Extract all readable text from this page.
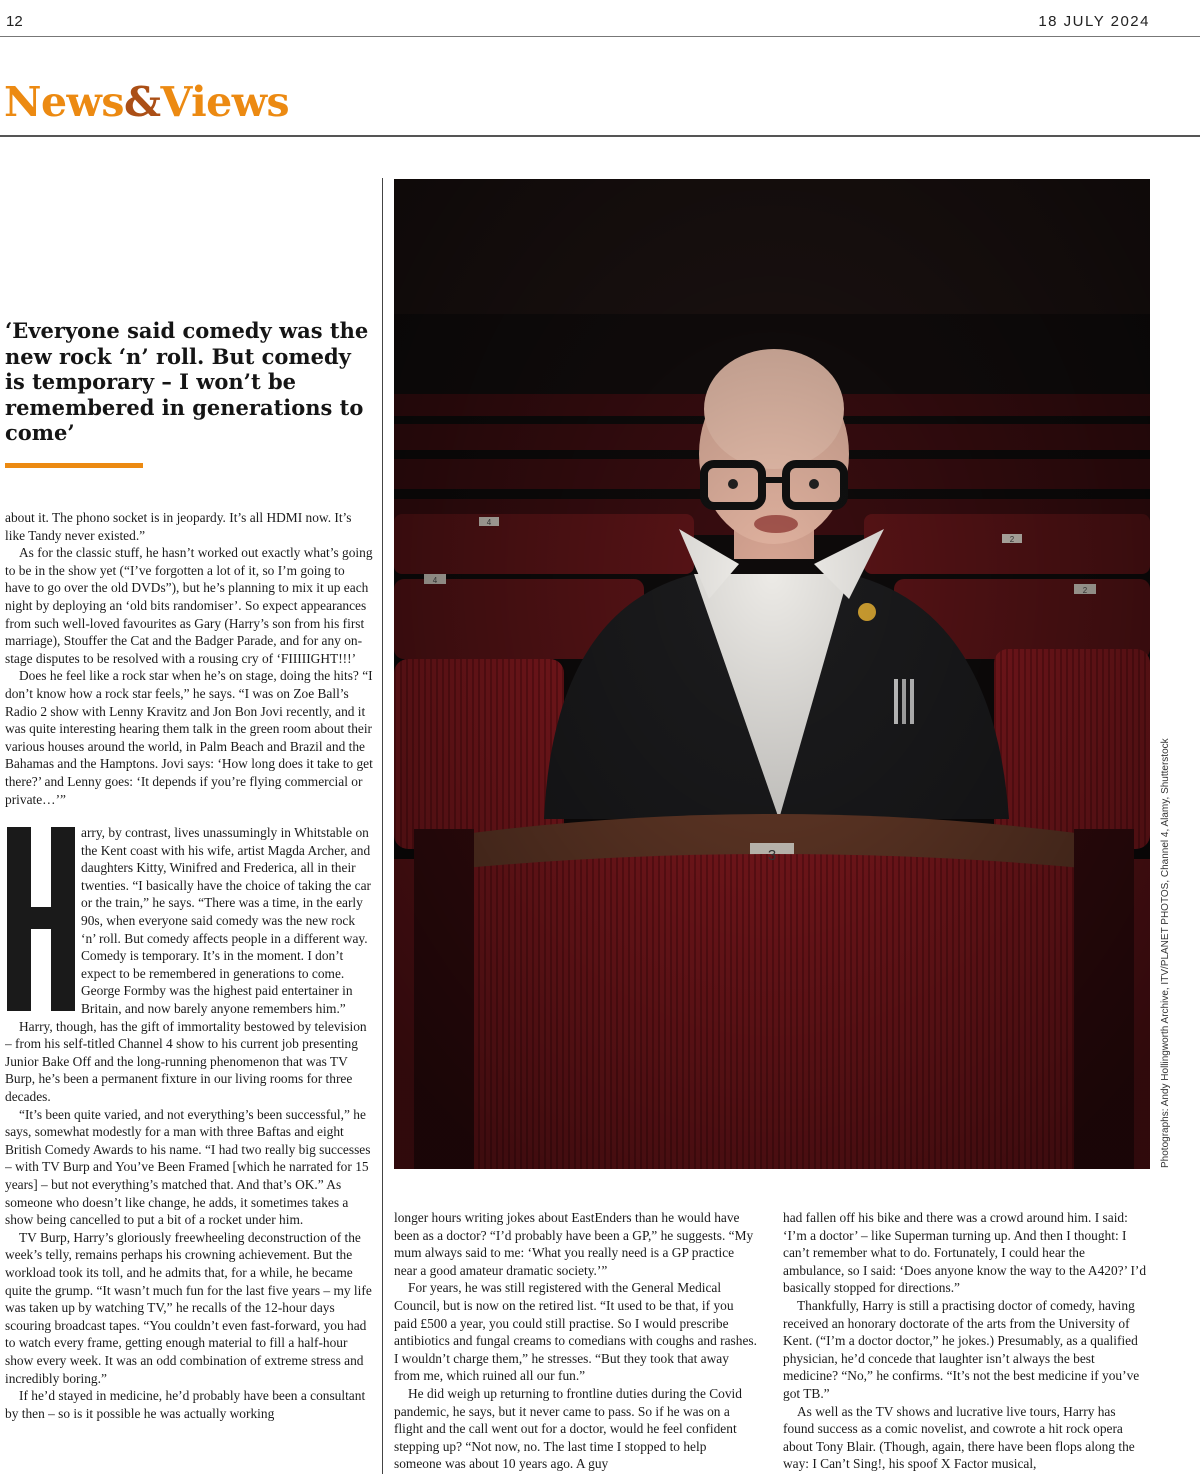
12	18 JULY 2024
News&Views

‘Everyone said comedy was the new rock ‘n’ roll. But comedy is temporary – I won’t be remembered in generations to come’

about it. The phono socket is in jeopardy. It’s all HDMI now. It’s like Tandy never existed.”

As for the classic stuff, he hasn’t worked out exactly what’s going to be in the show yet (“I’ve forgotten a lot of it, so I’m going to have to go over the old DVDs”), but he’s planning to mix it up each night by deploying an ‘old bits randomiser’. So expect appearances from such well-loved favourites as Gary (Harry’s son from his first marriage), Stouffer the Cat and the Badger Parade, and for any on-stage disputes to be resolved with a rousing cry of ‘FIIIIIGHT!!!’

Does he feel like a rock star when he’s on stage, doing the hits? “I don’t know how a rock star feels,” he says. “I was on Zoe Ball’s Radio 2 show with Lenny Kravitz and Jon Bon Jovi recently, and it was quite interesting hearing them talk in the green room about their various houses around the world, in Palm Beach and Brazil and the Bahamas and the Hamptons. Jovi says: ‘How long does it take to get there?’ and Lenny goes: ‘It depends if you’re flying commercial or private…’”

arry, by contrast, lives unassumingly in Whitstable on the Kent coast with his wife, artist Magda Archer, and daughters Kitty, Winifred and Frederica, all in their twenties. “I basically have the choice of taking the car or the train,” he says. “There was a time, in the early 90s, when everyone said comedy was the new rock ‘n’ roll. But comedy affects people in a different way. Comedy is temporary. It’s in the moment. I don’t expect to be remembered in generations to come. George Formby was the highest paid entertainer in Britain, and now barely anyone remembers him.”

Harry, though, has the gift of immortality bestowed by television – from his self-titled Channel 4 show to his current job presenting Junior Bake Off and the long-running phenomenon that was TV Burp, he’s been a permanent fixture in our living rooms for three decades.

“It’s been quite varied, and not everything’s been successful,” he says, somewhat modestly for a man with three Baftas and eight British Comedy Awards to his name. “I had two really big successes – with TV Burp and You’ve Been Framed [which he narrated for 15 years] – but not everything’s matched that. And that’s OK.” As someone who doesn’t like change, he adds, it sometimes takes a show being cancelled to put a bit of a rocket under him.

TV Burp, Harry’s gloriously freewheeling deconstruction of the week’s telly, remains perhaps his crowning achievement. But the workload took its toll, and he admits that, for a while, he became quite the grump. “It wasn’t much fun for the last five years – my life was taken up by watching TV,” he recalls of the 12-hour days scouring broadcast tapes. “You couldn’t even fast-forward, you had to watch every frame, getting enough material to fill a half-hour show every week. It was an odd combination of extreme stress and incredibly boring.”

If he’d stayed in medicine, he’d probably have been a consultant by then – so is it possible he was actually working

3
4
4
2
2
Photographs: Andy Hollingworth Archive, ITV/PLANET PHOTOS, Channel 4, Alamy, Shutterstock

longer hours writing jokes about EastEnders than he would have been as a doctor? “I’d probably have been a GP,” he suggests. “My mum always said to me: ‘What you really need is a GP practice near a good amateur dramatic society.’”

For years, he was still registered with the General Medical Council, but is now on the retired list. “It used to be that, if you paid £500 a year, you could still practise. So I would prescribe antibiotics and fungal creams to comedians with coughs and rashes. I wouldn’t charge them,” he stresses. “But they took that away from me, which ruined all our fun.”

He did weigh up returning to frontline duties during the Covid pandemic, he says, but it never came to pass. So if he was on a flight and the call went out for a doctor, would he feel confident stepping up? “Not now, no. The last time I stopped to help someone was about 10 years ago. A guy

had fallen off his bike and there was a crowd around him. I said: ‘I’m a doctor’ – like Superman turning up. And then I thought: I can’t remember what to do. Fortunately, I could hear the ambulance, so I said: ‘Does anyone know the way to the A420?’ I’d basically stopped for directions.”

Thankfully, Harry is still a practising doctor of comedy, having received an honorary doctorate of the arts from the University of Kent. (“I’m a doctor doctor,” he jokes.) Presumably, as a qualified physician, he’d concede that laughter isn’t always the best medicine? “No,” he confirms. “It’s not the best medicine if you’ve got TB.”

As well as the TV shows and lucrative live tours, Harry has found success as a comic novelist, and cowrote a hit rock opera about Tony Blair. (Though, again, there have been flops along the way: I Can’t Sing!, his spoof X Factor musical,
